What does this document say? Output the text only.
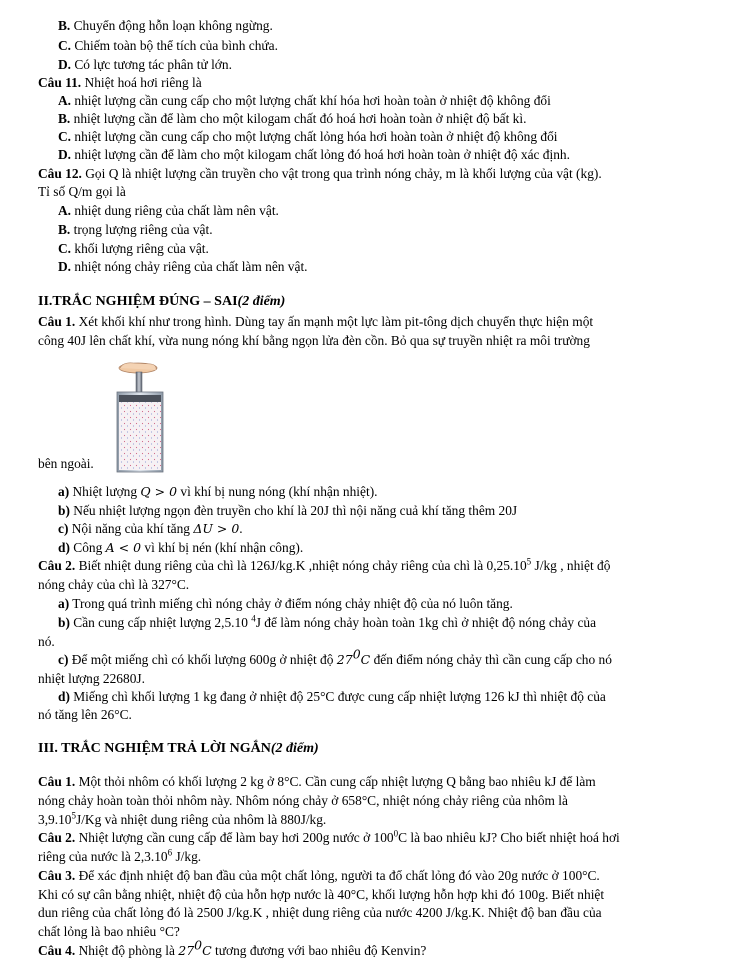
B. Chuyển động hỗn loạn không ngừng.
C. Chiếm toàn bộ thể tích của bình chứa.
D. Có lực tương tác phân tử lớn.
Câu 11. Nhiệt hoá hơi riêng là
A. nhiệt lượng cần cung cấp cho một lượng chất khí hóa hơi hoàn toàn ở nhiệt độ không đổi
B. nhiệt lượng cần để làm cho một kilogam chất đó hoá hơi hoàn toàn ở nhiệt độ bất kì.
C. nhiệt lượng cần cung cấp cho một lượng chất lỏng hóa hơi hoàn toàn ở nhiệt độ không đổi
D. nhiệt lượng cần để làm cho một kilogam chất lỏng đó hoá hơi hoàn toàn ở nhiệt độ xác định.
Câu 12. Gọi Q là nhiệt lượng cần truyền cho vật trong qua trình nóng chảy, m là khối lượng của vật (kg).
Tỉ số Q/m gọi là
A. nhiệt dung riêng của chất làm nên vật.
B. trọng lượng riêng của vật.
C. khối lượng riêng của vật.
D. nhiệt nóng chảy riêng của chất làm nên vật.
II.TRẮC NGHIỆM ĐÚNG – SAI(2 điểm)
Câu 1. Xét khối khí như trong hình. Dùng tay ấn mạnh một lực làm pit-tông dịch chuyển thực hiện một
công 40J lên chất khí, vừa nung nóng khí bằng ngọn lửa đèn cồn. Bỏ qua sự truyền nhiệt ra môi trường
bên ngoài.
a) Nhiệt lượng Q > 0 vì khí bị nung nóng (khí nhận nhiệt).
b) Nếu nhiệt lượng ngọn đèn truyền cho khí là 20J thì nội năng cuả khí tăng thêm 20J
c) Nội năng của khí tăng ΔU > 0.
d) Công A < 0 vì khí bị nén (khí nhận công).
Câu 2. Biết nhiệt dung riêng của chì là 126J/kg.K ,nhiệt nóng chảy riêng của chì là 0,25.10$^5$ J/kg , nhiệt độ
nóng chảy của chì là 327°C.
a) Trong quá trình miếng chì nóng chảy ở điểm nóng chảy nhiệt độ của nó luôn tăng.
b) Cần cung cấp nhiệt lượng 2,5.10 $^4$J để làm nóng chảy hoàn toàn 1kg chì ở nhiệt độ nóng chảy của
nó.
c) Để một miếng chì có khối lượng 600g ở nhiệt độ $27^0C$ đến điểm nóng chảy thì cần cung cấp cho nó
nhiệt lượng 22680J.
d) Miếng chì khối lượng 1 kg đang ở nhiệt độ 25°C được cung cấp nhiệt lượng 126 kJ thì nhiệt độ của
nó tăng lên 26°C.
III. TRẮC NGHIỆM TRẢ LỜI NGẮN(2 điểm)
Câu 1. Một thỏi nhôm có khối lượng 2 kg ở 8°C. Cần cung cấp nhiệt lượng Q bằng bao nhiêu kJ để làm
nóng chảy hoàn toàn thỏi nhôm này. Nhôm nóng chảy ở 658°C, nhiệt nóng chảy riêng của nhôm là
3,9.10$^5$J/Kg và nhiệt dung riêng của nhôm là 880J/kg.
Câu 2. Nhiệt lượng cần cung cấp để làm bay hơi 200g nước ở $100^0C$ là bao nhiêu kJ? Cho biết nhiệt hoá hơi
riêng của nước là 2,3.10$^6$ J/kg.
Câu 3. Để xác định nhiệt độ ban đầu của một chất lỏng, người ta đổ chất lỏng đó vào 20g nước ở 100°C.
Khi có sự cân bằng nhiệt, nhiệt độ của hỗn hợp nước là 40°C, khối lượng hỗn hợp khi đó 100g. Biết nhiệt
dun riêng của chất lỏng đó là 2500 J/kg.K , nhiệt dung riêng của nước 4200 J/kg.K. Nhiệt độ ban đầu của
chất lỏng là bao nhiêu °C?
Câu 4. Nhiệt độ phòng là $27^0C$ tương đương với bao nhiêu độ Kenvin?
